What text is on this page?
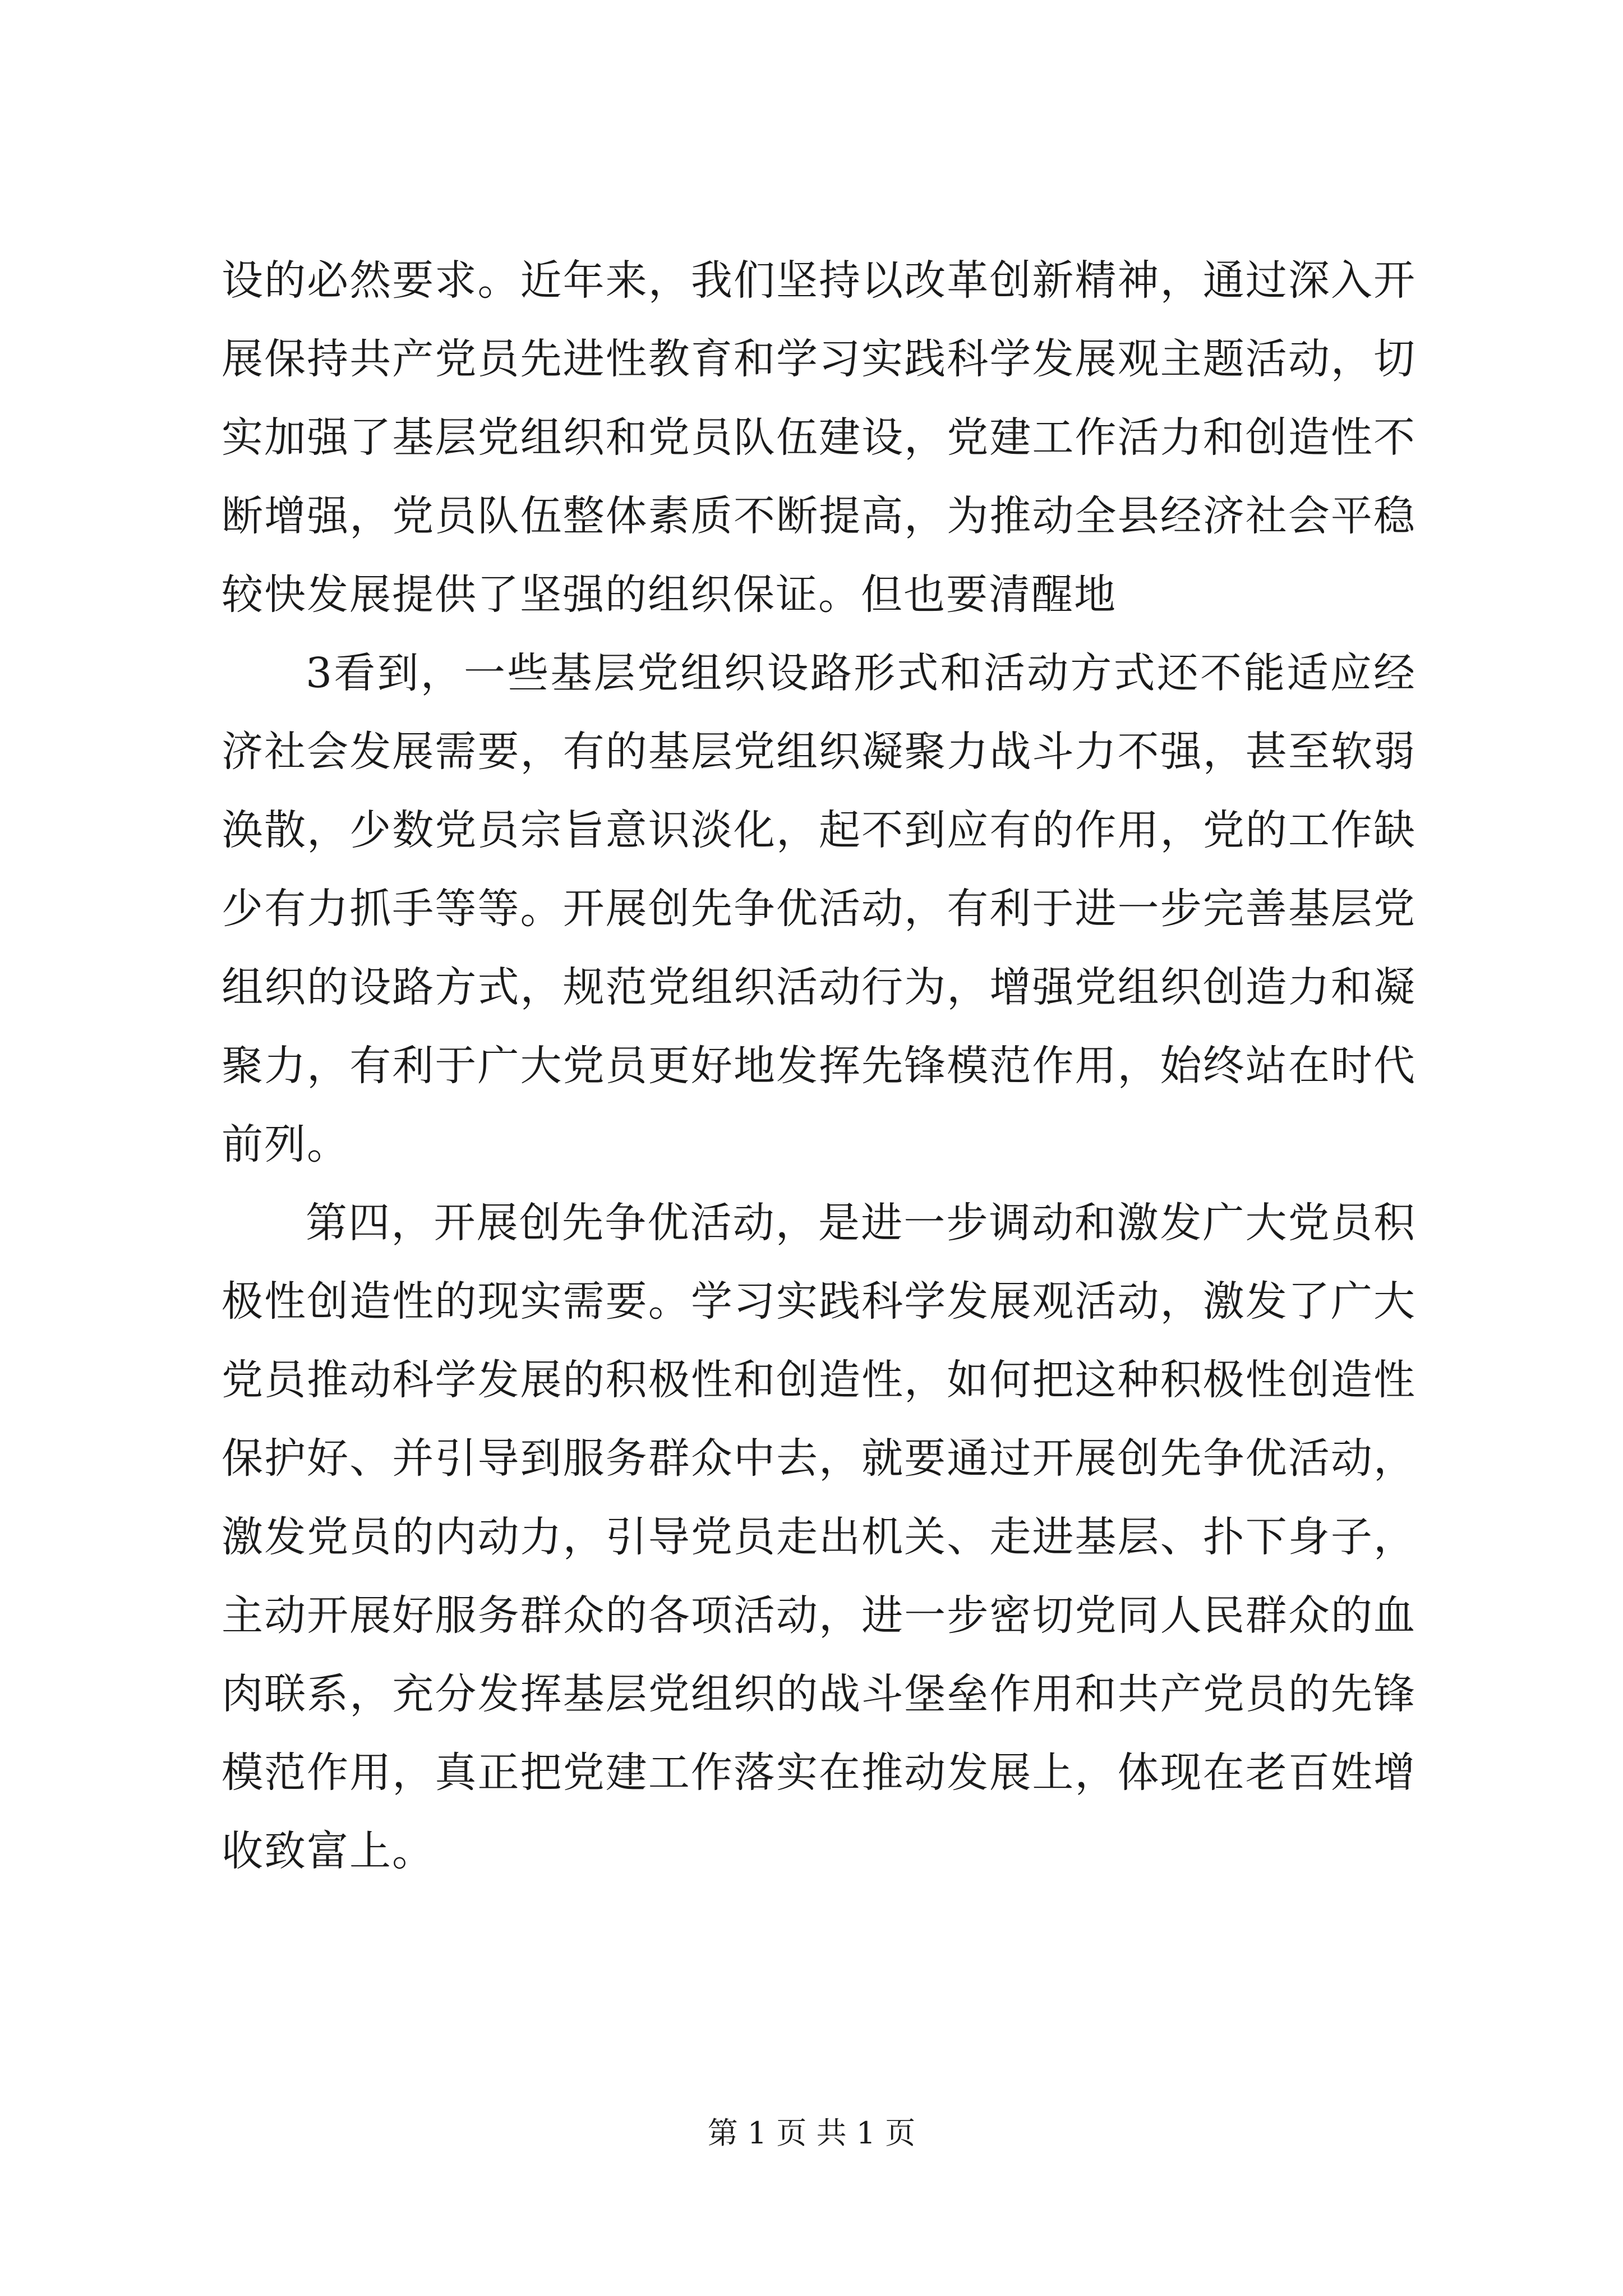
设的必然要求。近年来，我们坚持以改革创新精神，通过深入开展保持共产党员先进性教育和学习实践科学发展观主题活动，切实加强了基层党组织和党员队伍建设，党建工作活力和创造性不断增强，党员队伍整体素质不断提高，为推动全县经济社会平稳较快发展提供了坚强的组织保证。但也要清醒地

3看到，一些基层党组织设路形式和活动方式还不能适应经济社会发展需要，有的基层党组织凝聚力战斗力不强，甚至软弱涣散，少数党员宗旨意识淡化，起不到应有的作用，党的工作缺少有力抓手等等。开展创先争优活动，有利于进一步完善基层党组织的设路方式，规范党组织活动行为，增强党组织创造力和凝聚力，有利于广大党员更好地发挥先锋模范作用，始终站在时代前列。

第四，开展创先争优活动，是进一步调动和激发广大党员积极性创造性的现实需要。学习实践科学发展观活动，激发了广大党员推动科学发展的积极性和创造性，如何把这种积极性创造性保护好、并引导到服务群众中去，就要通过开展创先争优活动，激发党员的内动力，引导党员走出机关、走进基层、扑下身子，主动开展好服务群众的各项活动，进一步密切党同人民群众的血肉联系，充分发挥基层党组织的战斗堡垒作用和共产党员的先锋模范作用，真正把党建工作落实在推动发展上，体现在老百姓增收致富上。

第 1 页 共 1 页
